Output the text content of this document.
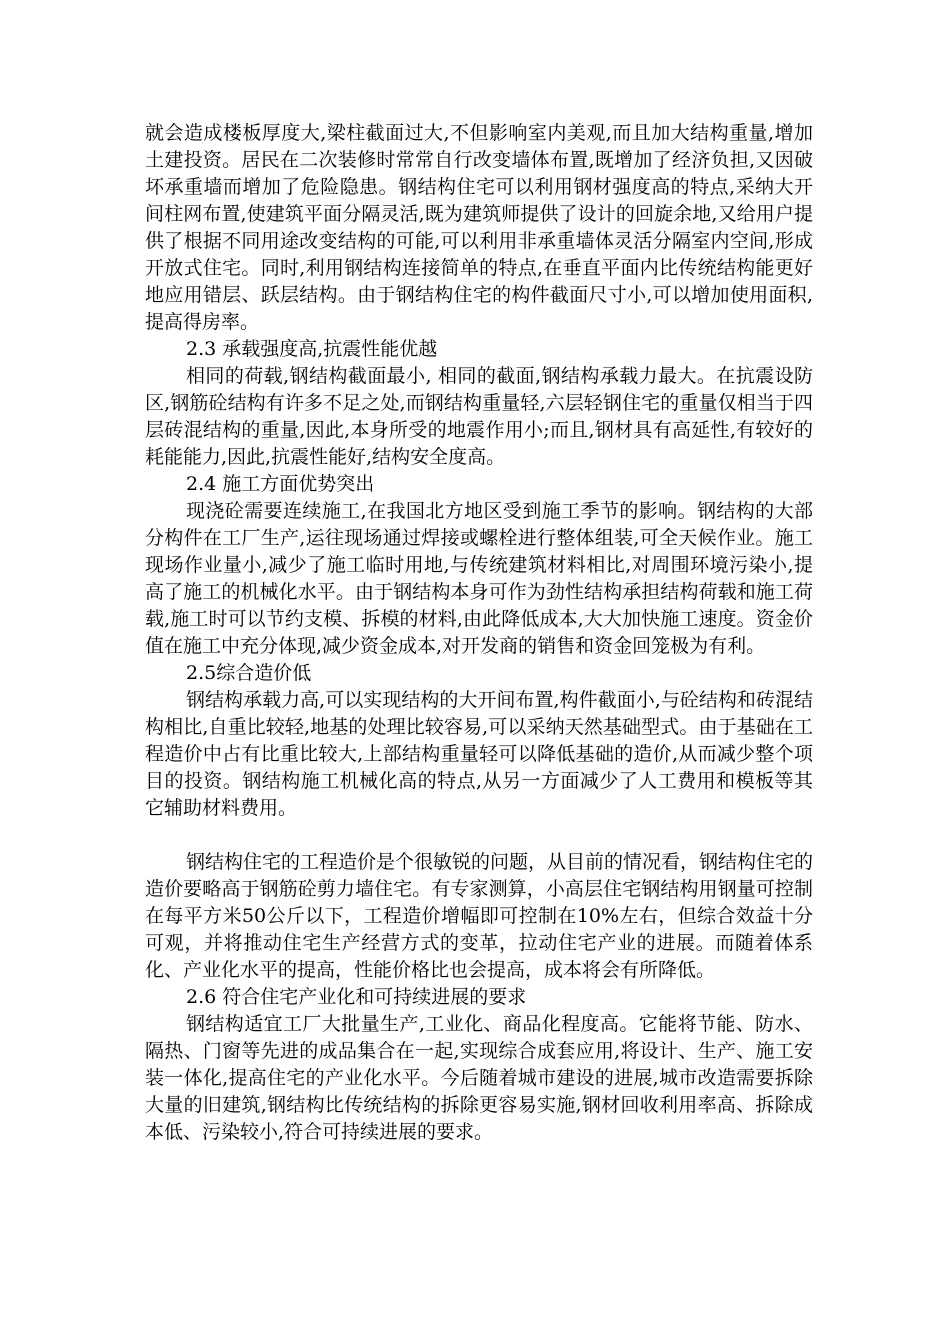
就会造成楼板厚度大,梁柱截面过大,不但影响室内美观,而且加大结构重量,增加土建投资。居民在二次装修时常常自行改变墙体布置,既增加了经济负担,又因破坏承重墙而增加了危险隐患。钢结构住宅可以利用钢材强度高的特点,采纳大开间柱网布置,使建筑平面分隔灵活,既为建筑师提供了设计的回旋余地,又给用户提供了根据不同用途改变结构的可能,可以利用非承重墙体灵活分隔室内空间,形成开放式住宅。同时,利用钢结构连接简单的特点,在垂直平面内比传统结构能更好地应用错层、跃层结构。由于钢结构住宅的构件截面尺寸小,可以增加使用面积,提高得房率。

2.3 承载强度高,抗震性能优越

相同的荷载,钢结构截面最小, 相同的截面,钢结构承载力最大。在抗震设防区,钢筋砼结构有许多不足之处,而钢结构重量轻,六层轻钢住宅的重量仅相当于四层砖混结构的重量,因此,本身所受的地震作用小;而且,钢材具有高延性,有较好的耗能能力,因此,抗震性能好,结构安全度高。

2.4 施工方面优势突出

现浇砼需要连续施工,在我国北方地区受到施工季节的影响。钢结构的大部分构件在工厂生产,运往现场通过焊接或螺栓进行整体组装,可全天候作业。施工现场作业量小,减少了施工临时用地,与传统建筑材料相比,对周围环境污染小,提高了施工的机械化水平。由于钢结构本身可作为劲性结构承担结构荷载和施工荷载,施工时可以节约支模、拆模的材料,由此降低成本,大大加快施工速度。资金价值在施工中充分体现,减少资金成本,对开发商的销售和资金回笼极为有利。

2.5综合造价低

钢结构承载力高,可以实现结构的大开间布置,构件截面小,与砼结构和砖混结构相比,自重比较轻,地基的处理比较容易,可以采纳天然基础型式。由于基础在工程造价中占有比重比较大,上部结构重量轻可以降低基础的造价,从而减少整个项目的投资。钢结构施工机械化高的特点,从另一方面减少了人工费用和模板等其它辅助材料费用。

钢结构住宅的工程造价是个很敏锐的问题，从目前的情况看，钢结构住宅的造价要略高于钢筋砼剪力墙住宅。有专家测算，小高层住宅钢结构用钢量可控制在每平方米50公斤以下，工程造价增幅即可控制在10%左右，但综合效益十分可观，并将推动住宅生产经营方式的变革，拉动住宅产业的进展。而随着体系化、产业化水平的提高，性能价格比也会提高，成本将会有所降低。

2.6 符合住宅产业化和可持续进展的要求

钢结构适宜工厂大批量生产,工业化、商品化程度高。它能将节能、防水、隔热、门窗等先进的成品集合在一起,实现综合成套应用,将设计、生产、施工安装一体化,提高住宅的产业化水平。今后随着城市建设的进展,城市改造需要拆除大量的旧建筑,钢结构比传统结构的拆除更容易实施,钢材回收利用率高、拆除成本低、污染较小,符合可持续进展的要求。
